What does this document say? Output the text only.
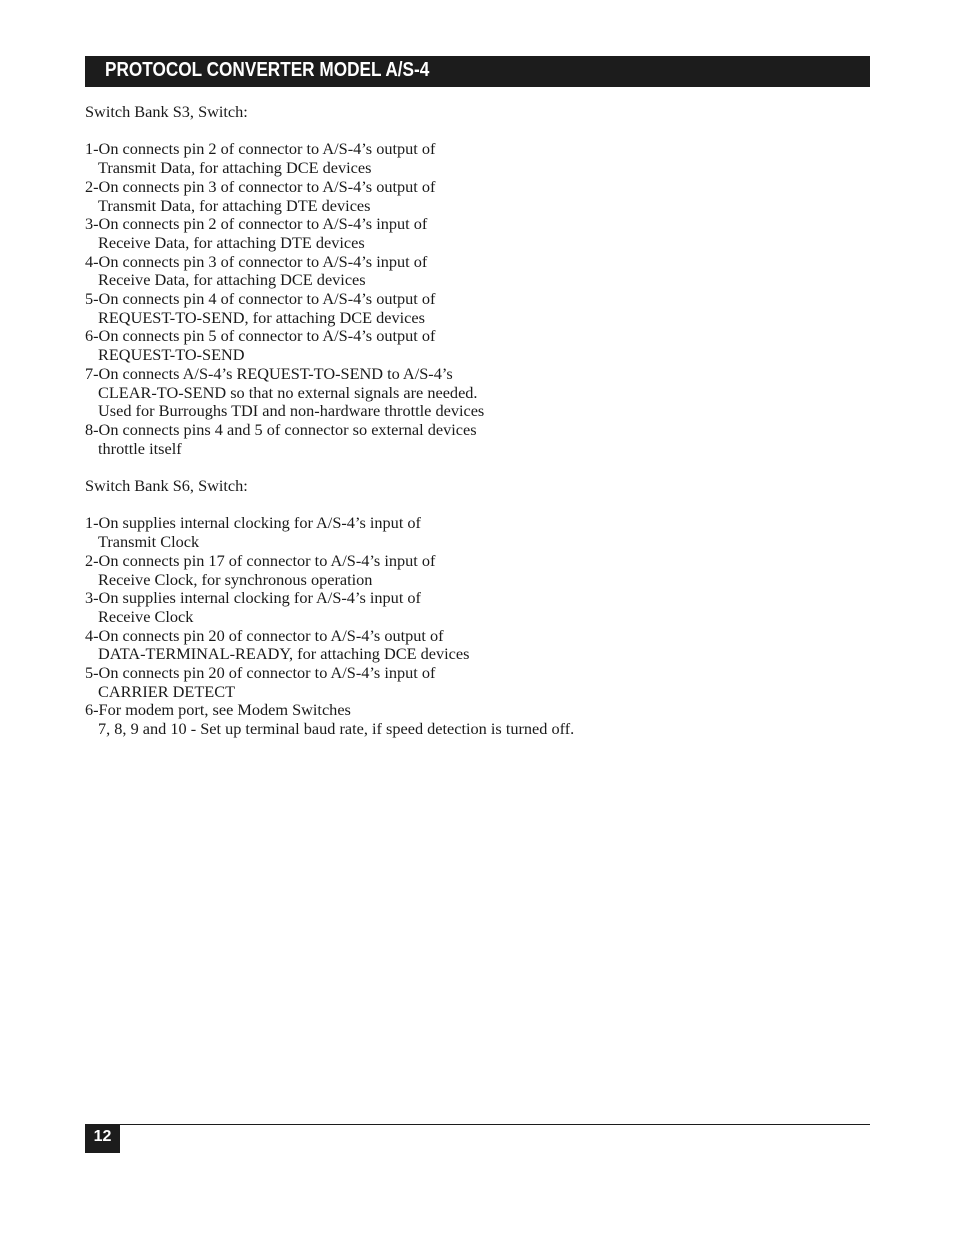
PROTOCOL CONVERTER MODEL A/S-4
Switch Bank S3, Switch:
1-On connects pin 2 of connector to A/S-4’s output of
Transmit Data, for attaching DCE devices
2-On connects pin 3 of connector to A/S-4’s output of
Transmit Data, for attaching DTE devices
3-On connects pin 2 of connector to A/S-4’s input of
Receive Data, for attaching DTE devices
4-On connects pin 3 of connector to A/S-4’s input of
Receive Data, for attaching DCE devices
5-On connects pin 4 of connector to A/S-4’s output of
REQUEST-TO-SEND, for attaching DCE devices
6-On connects pin 5 of connector to A/S-4’s output of
REQUEST-TO-SEND
7-On connects A/S-4’s REQUEST-TO-SEND to A/S-4’s
CLEAR-TO-SEND so that no external signals are needed.
Used for Burroughs TDI and non-hardware throttle devices
8-On connects pins 4 and 5 of connector so external devices
throttle itself
Switch Bank S6, Switch:
1-On supplies internal clocking for A/S-4’s input of
Transmit Clock
2-On connects pin 17 of connector to A/S-4’s input of
Receive Clock, for synchronous operation
3-On supplies internal clocking for A/S-4’s input of
Receive Clock
4-On connects pin 20 of connector to A/S-4’s output of
DATA-TERMINAL-READY, for attaching DCE devices
5-On connects pin 20 of connector to A/S-4’s input of
CARRIER DETECT
6-For modem port, see Modem Switches
7, 8, 9 and 10 - Set up terminal baud rate, if speed detection is turned off.
12
